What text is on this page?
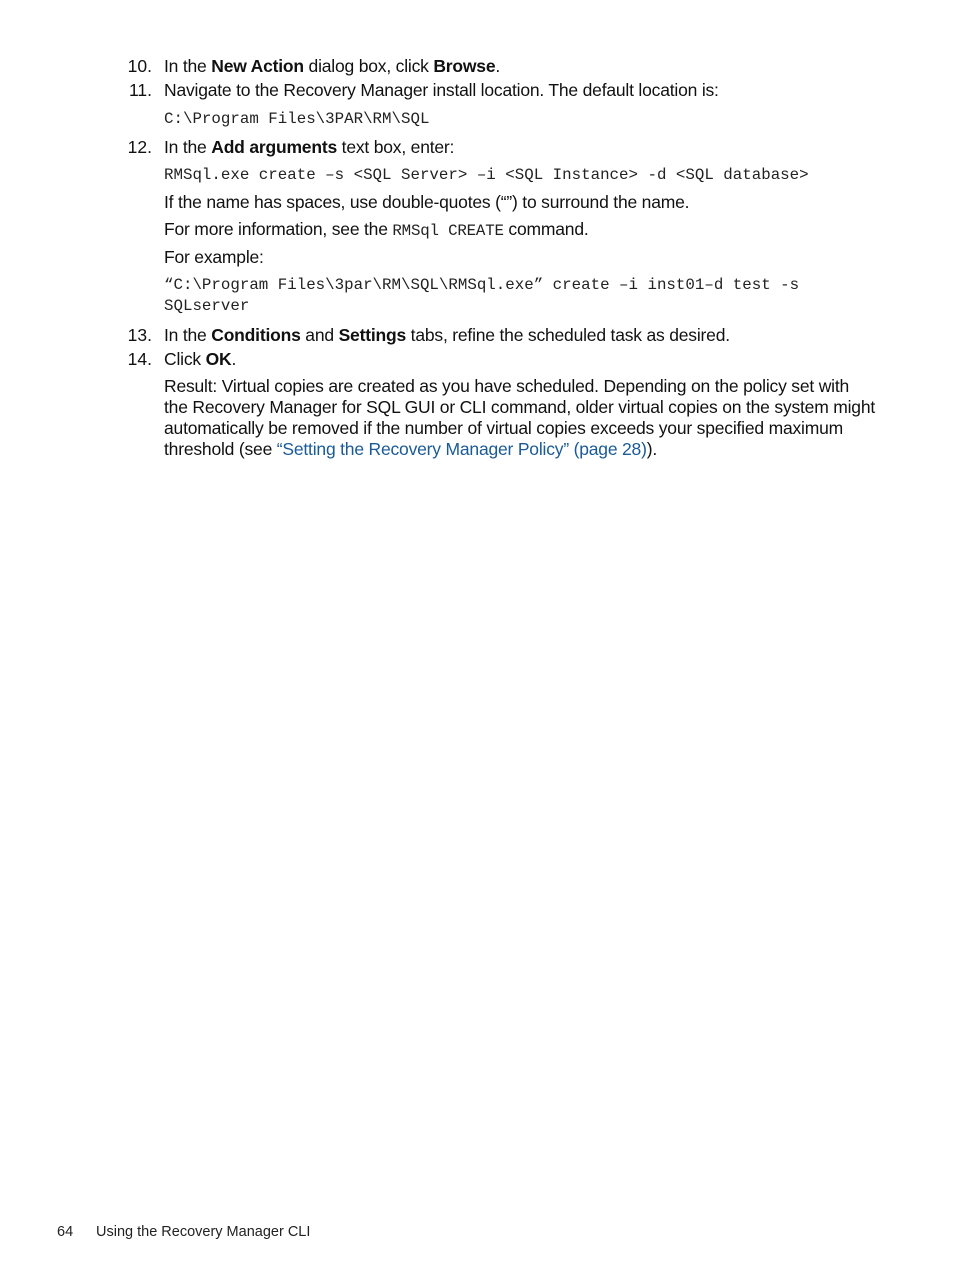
10. In the New Action dialog box, click Browse.
11. Navigate to the Recovery Manager install location. The default location is:
C:\Program Files\3PAR\RM\SQL
12. In the Add arguments text box, enter:
RMSql.exe create –s <SQL Server> –i <SQL Instance> -d <SQL database>
If the name has spaces, use double-quotes (“”) to surround the name.
For more information, see the RMSql CREATE command.
For example:
“C:\Program Files\3par\RM\SQL\RMSql.exe” create –i inst01–d test -s
SQLserver
13. In the Conditions and Settings tabs, refine the scheduled task as desired.
14. Click OK.
Result: Virtual copies are created as you have scheduled. Depending on the policy set with
the Recovery Manager for SQL GUI or CLI command, older virtual copies on the system might
automatically be removed if the number of virtual copies exceeds your specified maximum
threshold (see “Setting the Recovery Manager Policy” (page 28)).
64 Using the Recovery Manager CLI
